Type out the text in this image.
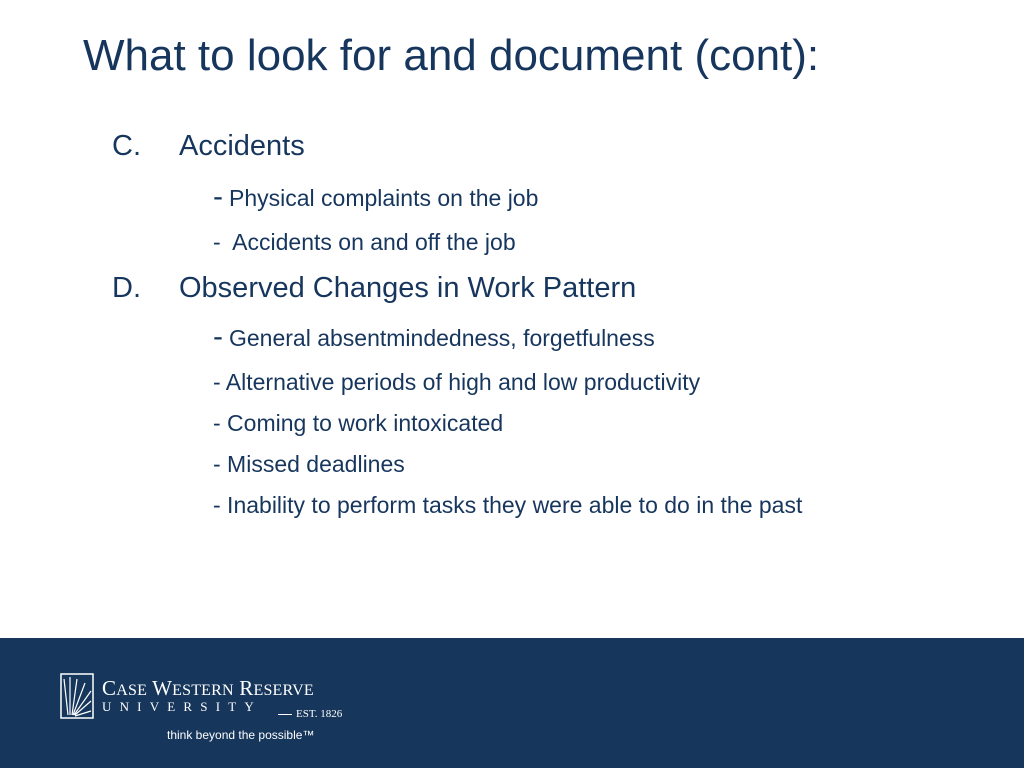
What to look for and document (cont):
C. Accidents
- Physical complaints on the job
-  Accidents on and off the job
D. Observed Changes in Work Pattern
- General absentmindedness, forgetfulness
- Alternative periods of high and low productivity
- Coming to work intoxicated
- Missed deadlines
- Inability to perform tasks they were able to do in the past
CASE WESTERN RESERVE
UNIVERSITY	EST. 1826
think beyond the possible™
